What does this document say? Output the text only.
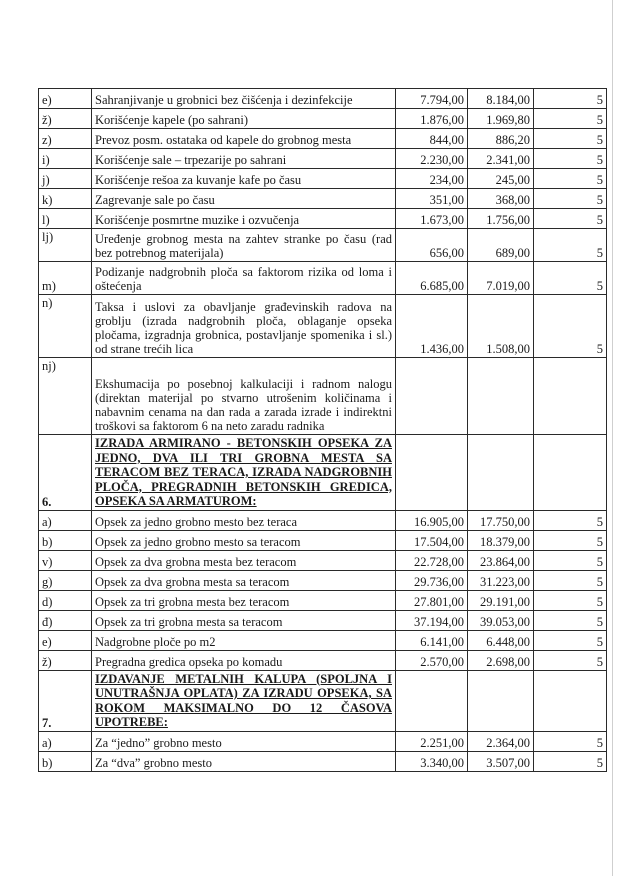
e)	Sahranjivanje u grobnici bez čišćenja i dezinfekcije	7.794,00	8.184,00	5
ž)	Korišćenje kapele (po sahrani)	1.876,00	1.969,80	5
z)	Prevoz posm. ostataka od kapele do grobnog mesta	844,00	886,20	5
i)	Korišćenje sale – trpezarije po sahrani	2.230,00	2.341,00	5
j)	Korišćenje rešoa za kuvanje kafe po času	234,00	245,00	5
k)	Zagrevanje sale po času	351,00	368,00	5
l)	Korišćenje posmrtne muzike i ozvučenja	1.673,00	1.756,00	5
lj)	Uređenje grobnog mesta na zahtev stranke po času (rad bez potrebnog materijala)	656,00	689,00	5
m)	Podizanje nadgrobnih ploča sa faktorom rizika od loma i oštećenja	6.685,00	7.019,00	5
n)	Taksa i uslovi za obavljanje građevinskih radova na groblju (izrada nadgrobnih ploča, oblaganje opseka pločama, izgradnja grobnica, postavljanje spomenika i sl.) od strane trećih lica	1.436,00	1.508,00	5
nj)	Ekshumacija po posebnoj kalkulaciji i radnom nalogu (direktan materijal po stvarno utrošenim količinama i nabavnim cenama na dan rada a zarada izrade i indirektni troškovi sa faktorom 6 na neto zaradu radnika			
6.	IZRADA ARMIRANO - BETONSKIH OPSEKA ZA JEDNO, DVA ILI TRI GROBNA MESTA SA TERACOM BEZ TERACA, IZRADA NADGROBNIH PLOČA, PREGRADNIH BETONSKIH GREDICA, OPSEKA SA ARMATUROM:			
a)	Opsek za jedno grobno mesto bez teraca	16.905,00	17.750,00	5
b)	Opsek za jedno grobno mesto sa teracom	17.504,00	18.379,00	5
v)	Opsek za dva grobna mesta bez teracom	22.728,00	23.864,00	5
g)	Opsek za dva grobna mesta sa teracom	29.736,00	31.223,00	5
d)	Opsek za tri grobna mesta bez teracom	27.801,00	29.191,00	5
đ)	Opsek za tri grobna mesta sa teracom	37.194,00	39.053,00	5
e)	Nadgrobne ploče po m2	6.141,00	6.448,00	5
ž)	Pregradna gredica opseka po komadu	2.570,00	2.698,00	5
7.	IZDAVANJE METALNIH KALUPA (SPOLJNA I UNUTRAŠNJA OPLATA) ZA IZRADU OPSEKA, SA ROKOM MAKSIMALNO DO 12 ČASOVA UPOTREBE:			
a)	Za “jedno” grobno mesto	2.251,00	2.364,00	5
b)	Za “dva” grobno mesto	3.340,00	3.507,00	5
